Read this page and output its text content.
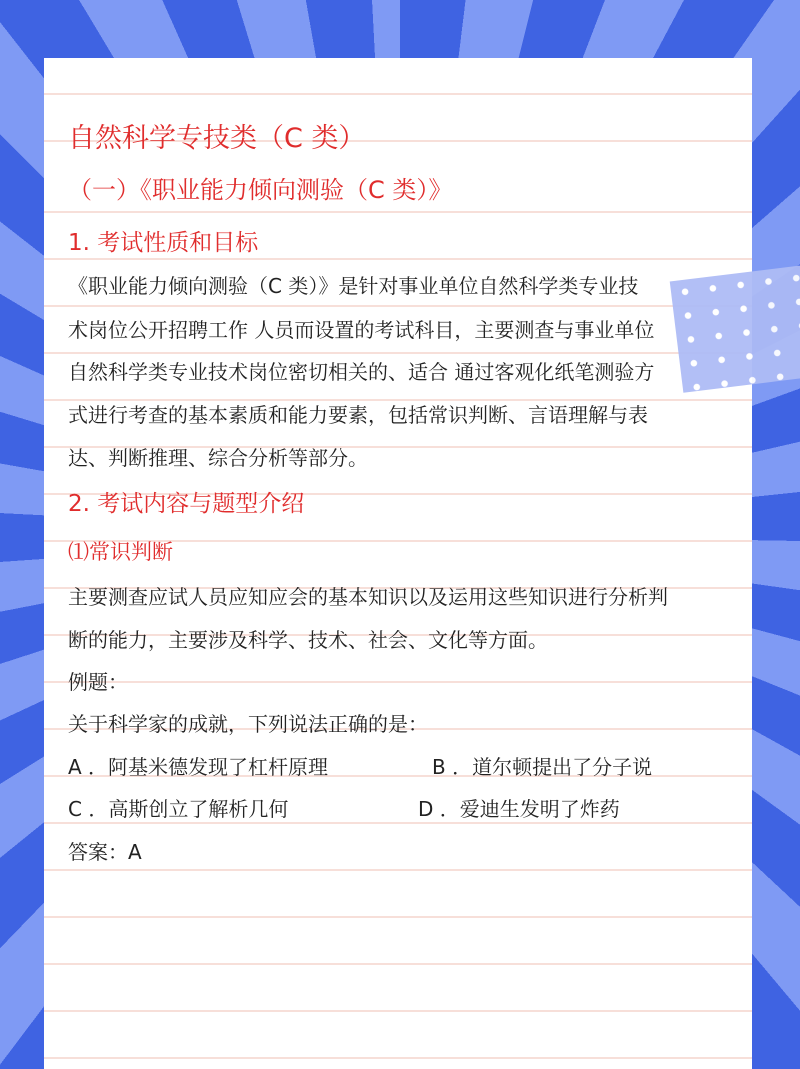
自然科学专技类（C 类）
（一）《职业能力倾向测验（C 类）》
1. 考试性质和目标
《职业能力倾向测验（C 类）》是针对事业单位自然科学类专业技
术岗位公开招聘工作 人员而设置的考试科目，主要测查与事业单位
自然科学类专业技术岗位密切相关的、适合 通过客观化纸笔测验方
式进行考查的基本素质和能力要素，包括常识判断、言语理解与表
达、判断推理、综合分析等部分。
2. 考试内容与题型介绍
⑴常识判断
主要测查应试人员应知应会的基本知识以及运用这些知识进行分析判
断的能力，主要涉及科学、技术、社会、文化等方面。
例题：
关于科学家的成就，下列说法正确的是：
A ．阿基米德发现了杠杆原理	B ．道尔顿提出了分子说
C ．高斯创立了解析几何	D ．爱迪生发明了炸药
答案：A
